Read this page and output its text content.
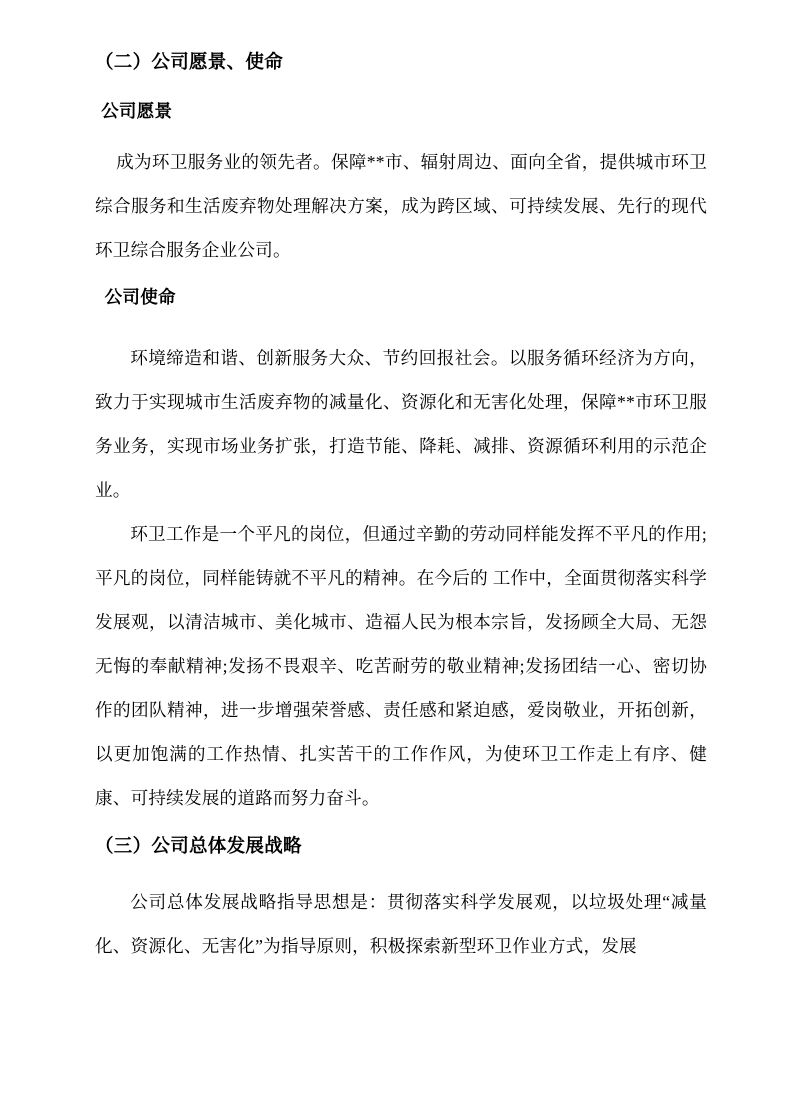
（二）公司愿景、使命
公司愿景

成为环卫服务业的领先者。保障**市、辐射周边、面向全省，提供城市环卫综合服务和生活废弃物处理解决方案，成为跨区域、可持续发展、先行的现代环卫综合服务企业公司。

公司使命

环境缔造和谐、创新服务大众、节约回报社会。以服务循环经济为方向，致力于实现城市生活废弃物的减量化、资源化和无害化处理，保障**市环卫服务业务，实现市场业务扩张，打造节能、降耗、减排、资源循环利用的示范企业。

环卫工作是一个平凡的岗位，但通过辛勤的劳动同样能发挥不平凡的作用;平凡的岗位，同样能铸就不平凡的精神。在今后的 工作中，全面贯彻落实科学发展观，以清洁城市、美化城市、造福人民为根本宗旨，发扬顾全大局、无怨无悔的奉献精神;发扬不畏艰辛、吃苦耐劳的敬业精神;发扬团结一心、密切协作的团队精神，进一步增强荣誉感、责任感和紧迫感，爱岗敬业，开拓创新，以更加饱满的工作热情、扎实苦干的工作作风，为使环卫工作走上有序、健康、可持续发展的道路而努力奋斗。

（三）公司总体发展战略

公司总体发展战略指导思想是：贯彻落实科学发展观，以垃圾处理“减量化、资源化、无害化”为指导原则，积极探索新型环卫作业方式，发展
